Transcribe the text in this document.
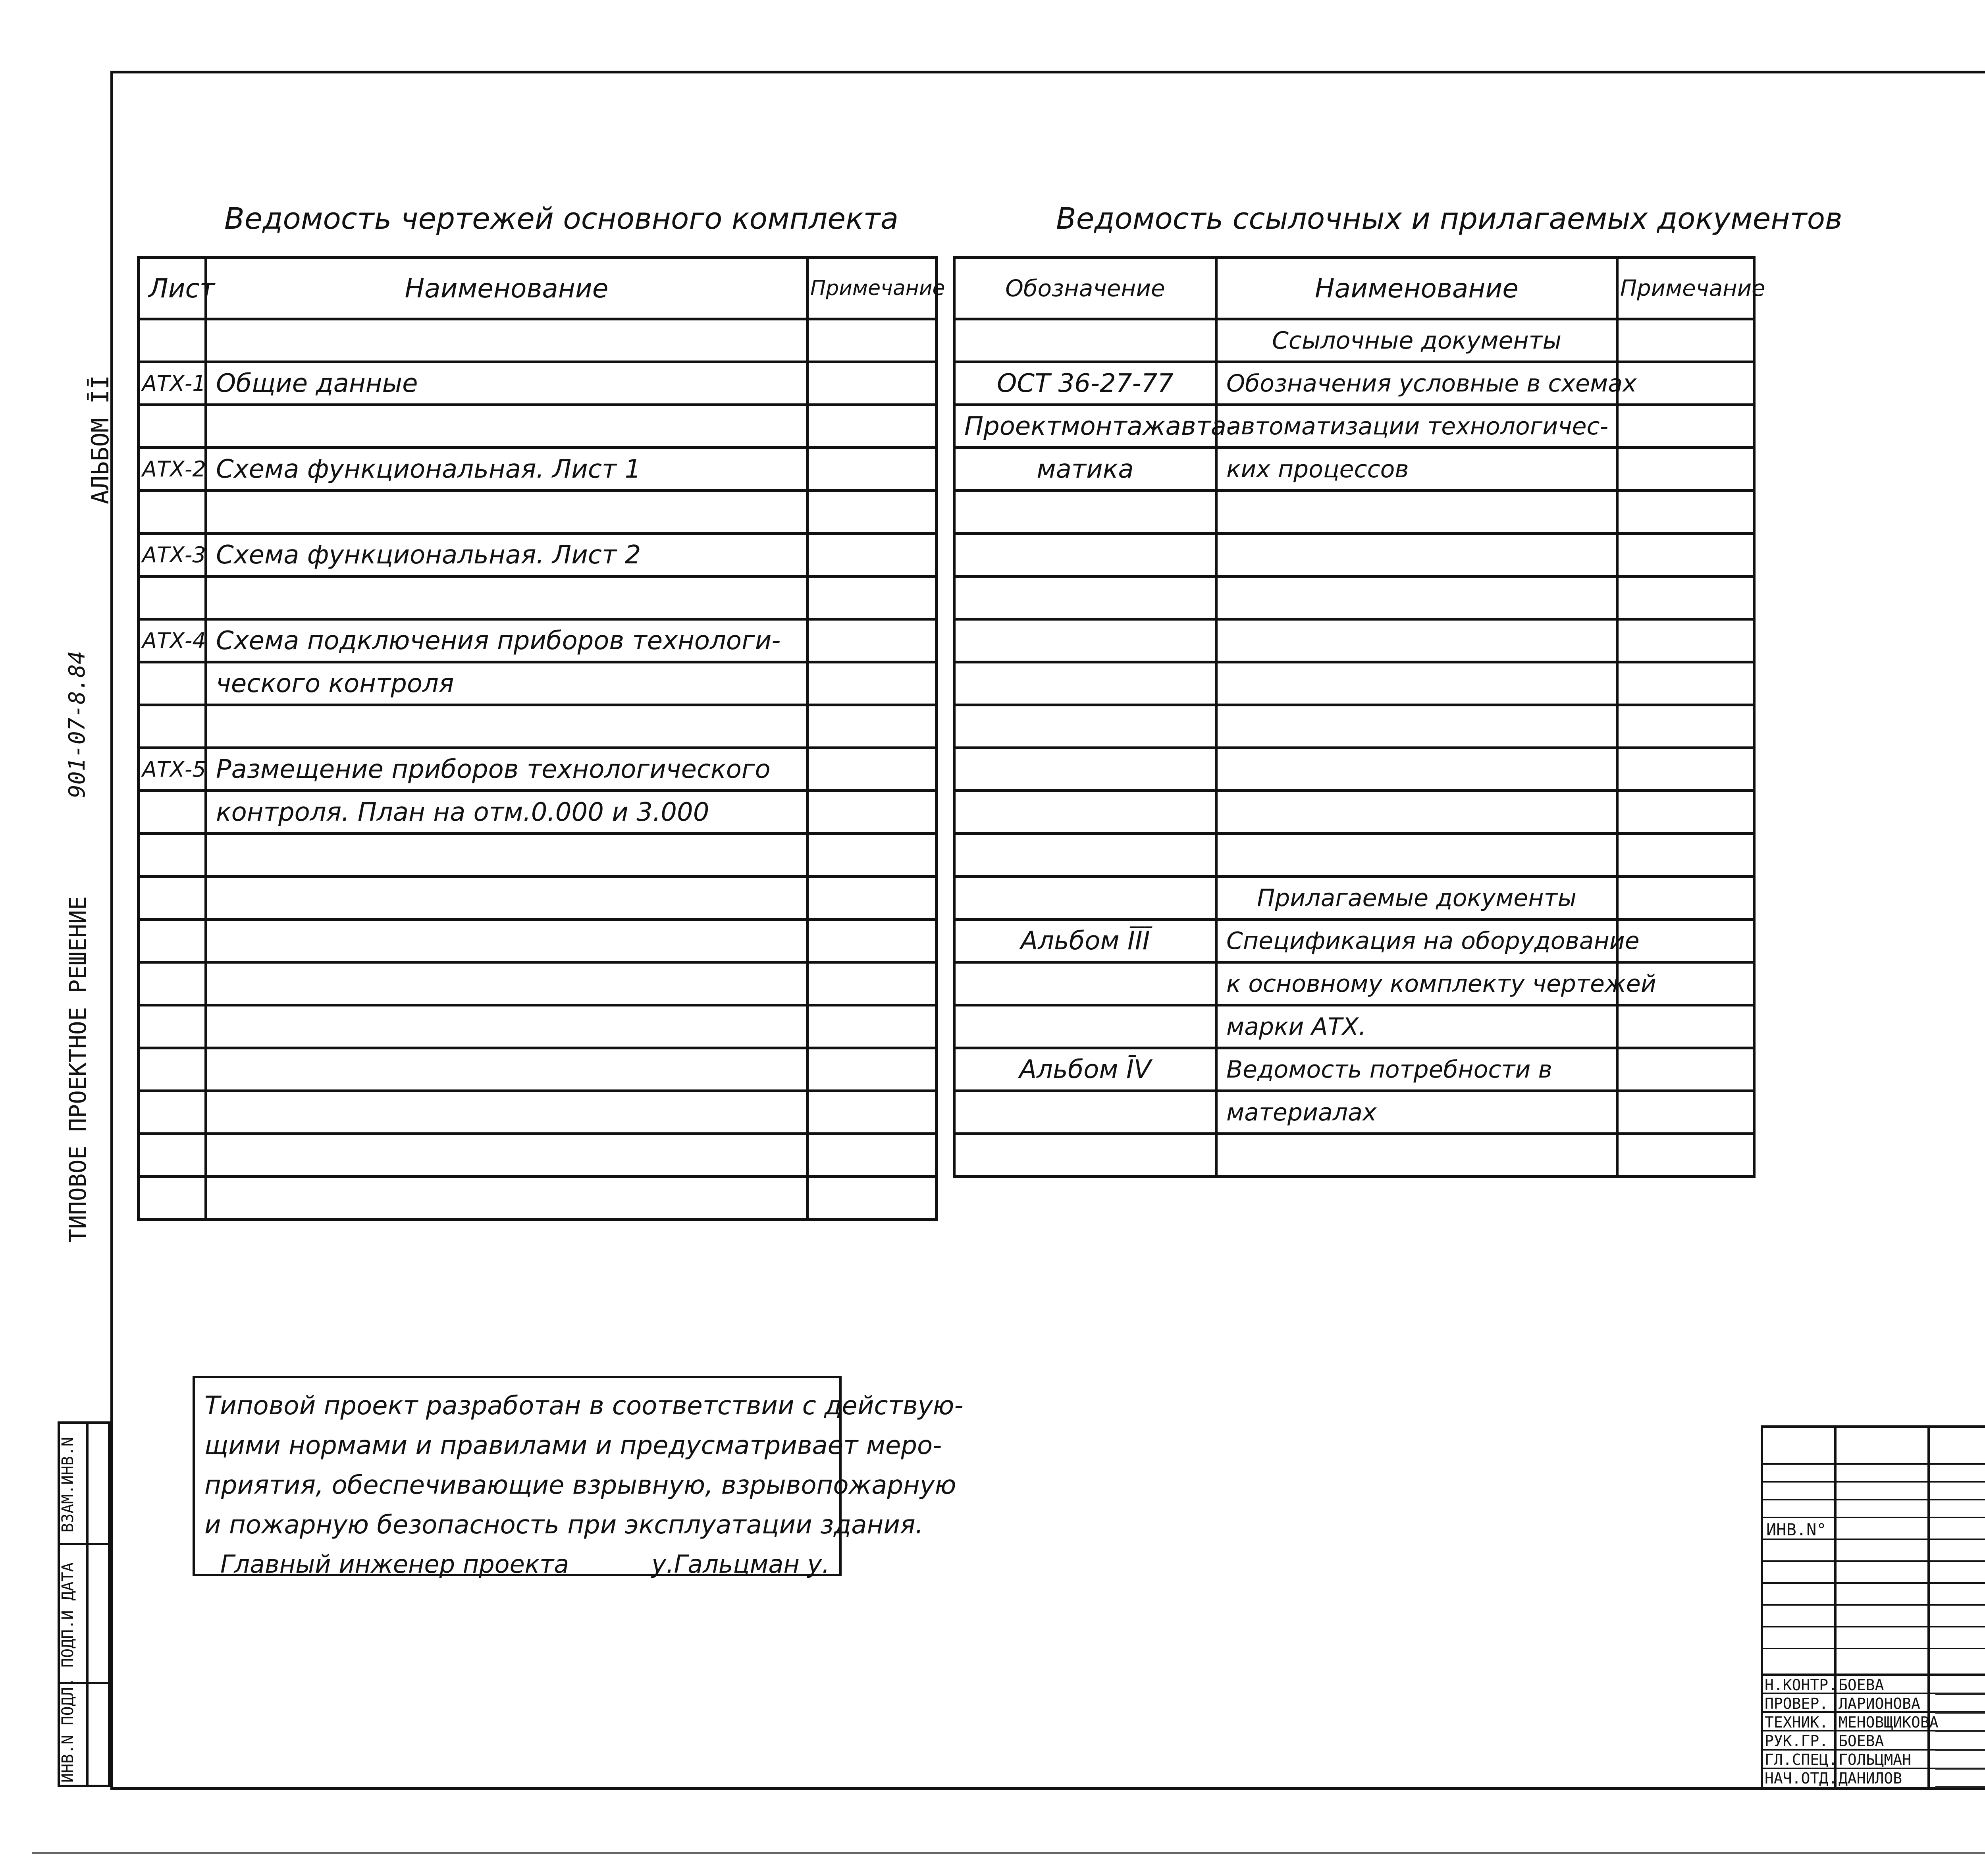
АЛЬБОМ ĪĪ
901-07-8.84
ТИПОВОЕ ПРОЕКТНОЕ РЕШЕНИЕ
ВЗАМ.ИНВ.N
ПОДП.И ДАТА
ИНВ.N ПОДЛ.
Ведомость чертежей основного комплекта	Ведомость ссылочных и прилагаемых документов
Лист	Наименование	Примечание

АТХ-1	Общие данные	

АТХ-2	Схема функциональная. Лист 1	

АТХ-3	Схема функциональная. Лист 2	

АТХ-4	Схема подключения приборов технологи-	
	ческого контроля	

АТХ-5	Размещение приборов технологического	
	контроля. План на отм.0.000 и 3.000	

Обозначение	Наименование	Примечание
	Ссылочные документы	
ОСТ 36-27-77	Обозначения условные в схемах	
Проектмонтажавта-	автоматизации технологичес-	
матика	ких процессов	

	Прилагаемые документы	
Альбом ĪĪĪ	Спецификация на оборудование	
	к основному комплекту чертежей	
	марки АТХ.	
Альбом ĪV	Ведомость потребности в	
	материалах	

Типовой проект разработан в соответствии с действую-
щими нормами и правилами и предусматривает меро-
приятия, обеспечивающие взрывную, взрывопожарную
и пожарную безопасность при эксплуатации здания.
Главный инженер проекта	у.Гальцман у.
ИНВ.N°
Н.КОНТР. БОЕВА
ПРОВЕР. ЛАРИОНОВА
ТЕХНИК. МЕНОВЩИКОВА
РУК.ГР. БОЕВА
ГЛ.СПЕЦ. ГОЛЬЦМАН
НАЧ.ОТД. ДАНИЛОВ
